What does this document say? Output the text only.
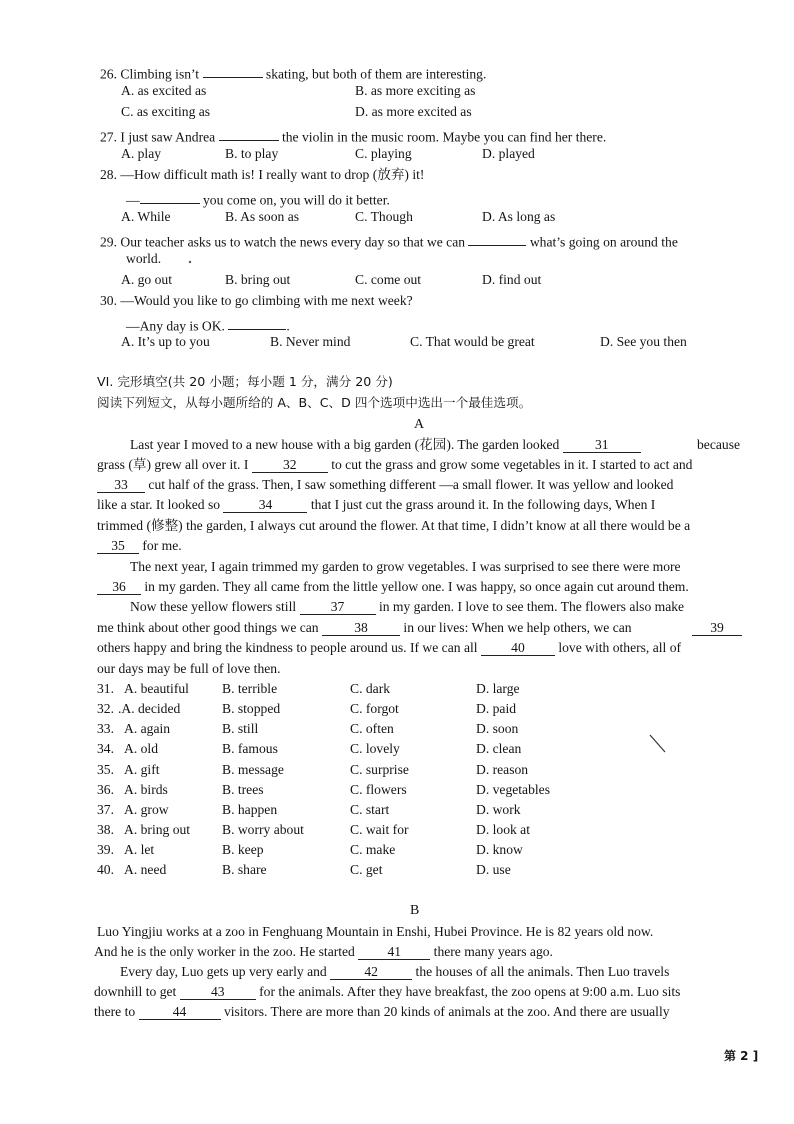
26. Climbing isn’t	skating, but both of them are interesting.
A. as excited as	B. as more exciting as
C. as exciting as	D. as more excited as
27. I just saw Andrea	the violin in the music room. Maybe you can find her there.
A. play	B. to play	C. playing	D. played
28. —How difficult math is! I really want to drop (放弃) it!
—	you come on, you will do it better.
A. While	B. As soon as	C. Though	D. As long as
29. Our teacher asks us to watch the news every day so that we can	what’s going on around the
world.
A. go out	B. bring out	C. come out	D. find out
30. —Would you like to go climbing with me next week?
—Any day is OK.	.
A. It’s up to you	B. Never mind	C. That would be great	D. See you then
VI. 完形填空(共 20 小题；每小题 1 分，满分 20 分)
阅读下列短文，从每小题所给的 A、B、C、D 四个选项中选出一个最佳选项。
A
Last year I moved to a new house with a big garden (花园). The garden looked	31	because
grass (草) grew all over it. I	32	to cut the grass and grow some vegetables in it. I started to act and
33 cut half of the grass. Then, I saw something different —a small flower. It was yellow and looked
like a star. It looked so	34	that I just cut the grass around it. In the following days, When I
trimmed (修整) the garden, I always cut around the flower. At that time, I didn’t know at all there would be a
35 for me.
The next year, I again trimmed my garden to grow vegetables. I was surprised to see there were more
36 in my garden. They all came from the little yellow one. I was happy, so once again cut around them.
Now these yellow flowers still	37	in my garden. I love to see them. The flowers also make
me think about other good things we can	38	in our lives: When we help others, we can	39
others happy and bring the kindness to people around us. If we can all 40 love with others, all of
our days may be full of love then.
31. A. beautiful B. terrible	C. dark	D. large
32. .A. decided	B. stopped	C. forgot	D. paid
33. A. again	B. still	C. often	D. soon
34. A. old	B. famous	C. lovely	D. clean
35. A. gift	B. message	C. surprise	D. reason
36. A. birds	B. trees	C. flowers	D. vegetables
37. A. grow	B. happen	C. start	D. work
38. A. bring out B. worry about	C. wait for	D. look at
39. A. let	B. keep	C. make	D. know
40. A. need	B. share	C. get	D. use
B
Luo Yingjiu works at a zoo in Fenghuang Mountain in Enshi, Hubei Province. He is 82 years old now.
And he is the only worker in the zoo. He started 41 there many years ago.
Every day, Luo gets up very early and	42	the houses of all the animals. Then Luo travels
downhill to get	43	for the animals. After they have breakfast, the zoo opens at 9:00 a.m. Luo sits
there to	44	visitors. There are more than 20 kinds of animals at the zoo. And there are usually
第 2 ]
